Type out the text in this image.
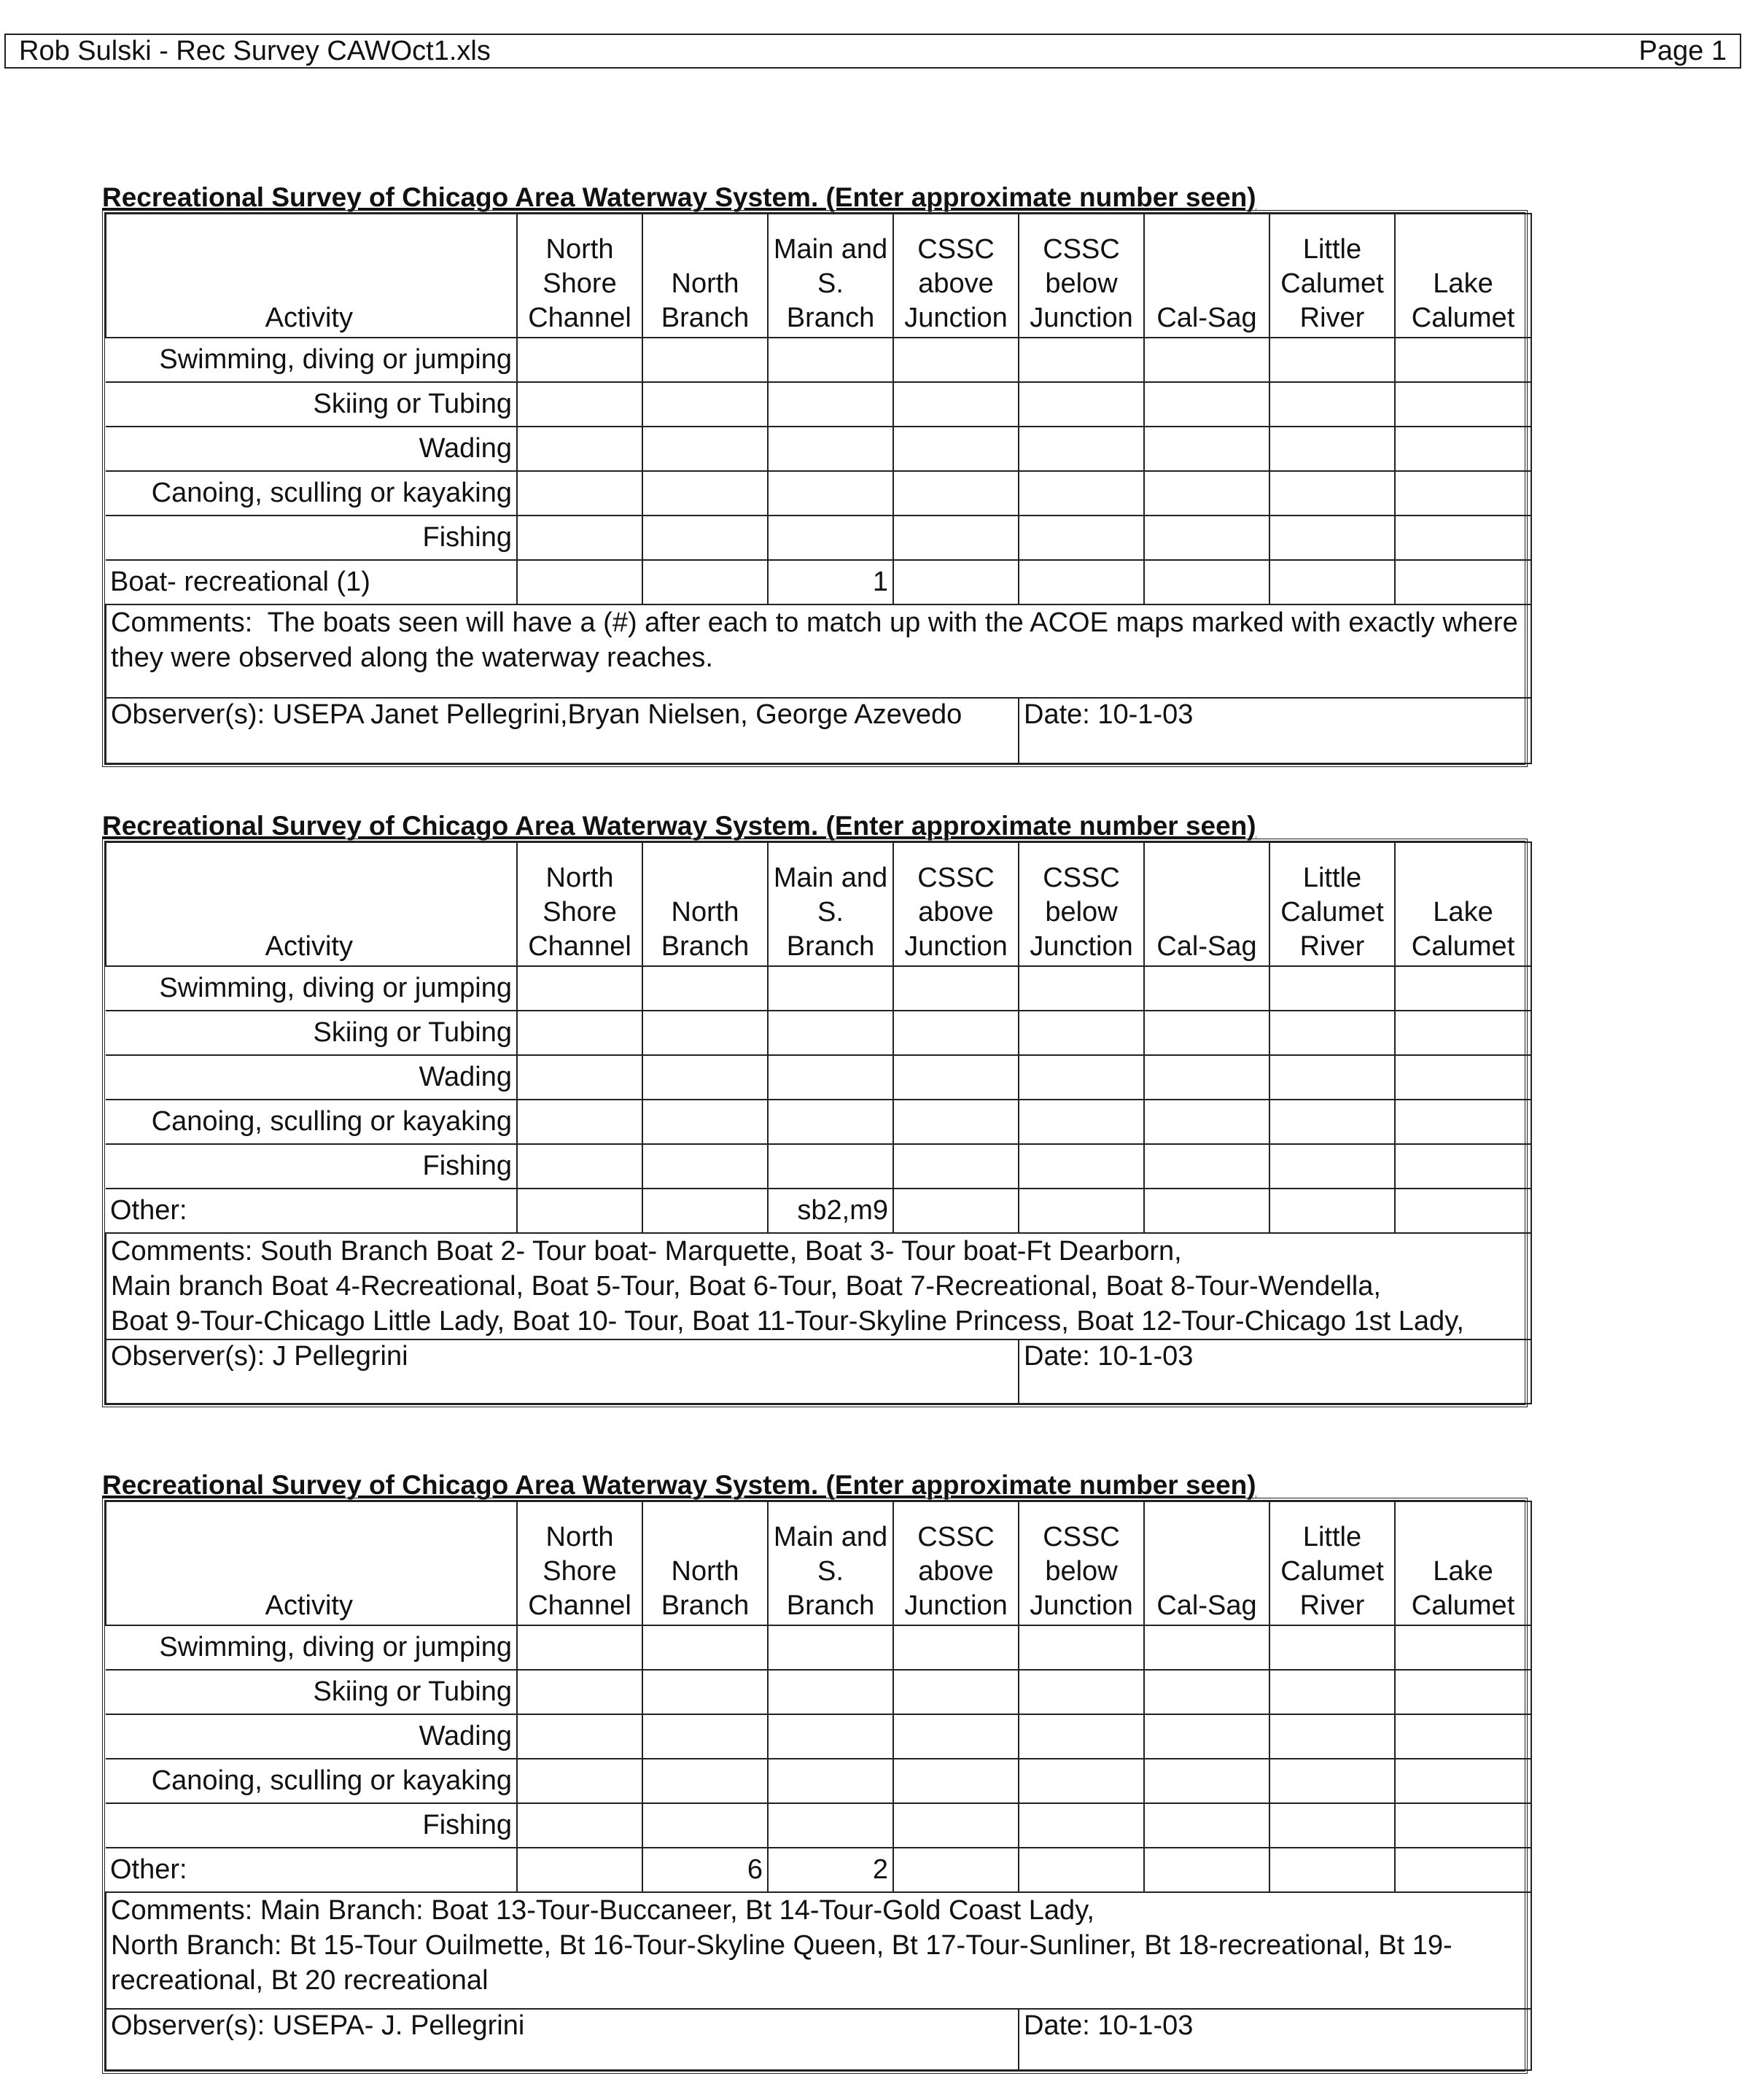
Rob Sulski - Rec Survey CAWOct1.xls	Page 1
Recreational Survey of Chicago Area Waterway System. (Enter approximate number seen)
Activity	North Shore Channel	North Branch	Main and S. Branch	CSSC above Junction	CSSC below Junction	Cal-Sag	Little Calumet River	Lake Calumet
Swimming, diving or jumping								
Skiing or Tubing								
Wading								
Canoing, sculling or kayaking								
Fishing								
Boat- recreational (1)			1					
Comments:  The boats seen will have a (#) after each to match up with the ACOE maps marked with exactly where they were observed along the waterway reaches.								
Observer(s): USEPA Janet Pellegrini,Bryan Nielsen, George Azevedo					Date: 10-1-03			
Recreational Survey of Chicago Area Waterway System. (Enter approximate number seen)
Activity	North Shore Channel	North Branch	Main and S. Branch	CSSC above Junction	CSSC below Junction	Cal-Sag	Little Calumet River	Lake Calumet
Swimming, diving or jumping								
Skiing or Tubing								
Wading								
Canoing, sculling or kayaking								
Fishing								
Other:			sb2,m9					
Comments: South Branch Boat 2- Tour boat- Marquette, Boat 3- Tour boat-Ft Dearborn,
Main branch Boat 4-Recreational, Boat 5-Tour, Boat 6-Tour, Boat 7-Recreational, Boat 8-Tour-Wendella,
Boat 9-Tour-Chicago Little Lady, Boat 10- Tour, Boat 11-Tour-Skyline Princess, Boat 12-Tour-Chicago 1st Lady,								
Observer(s): J Pellegrini					Date: 10-1-03			
Recreational Survey of Chicago Area Waterway System. (Enter approximate number seen)
Activity	North Shore Channel	North Branch	Main and S. Branch	CSSC above Junction	CSSC below Junction	Cal-Sag	Little Calumet River	Lake Calumet
Swimming, diving or jumping								
Skiing or Tubing								
Wading								
Canoing, sculling or kayaking								
Fishing								
Other:		6	2					
Comments: Main Branch: Boat 13-Tour-Buccaneer, Bt 14-Tour-Gold Coast Lady,
North Branch: Bt 15-Tour Ouilmette, Bt 16-Tour-Skyline Queen, Bt 17-Tour-Sunliner, Bt 18-recreational, Bt 19-recreational, Bt 20 recreational								
Observer(s): USEPA- J. Pellegrini					Date: 10-1-03			
